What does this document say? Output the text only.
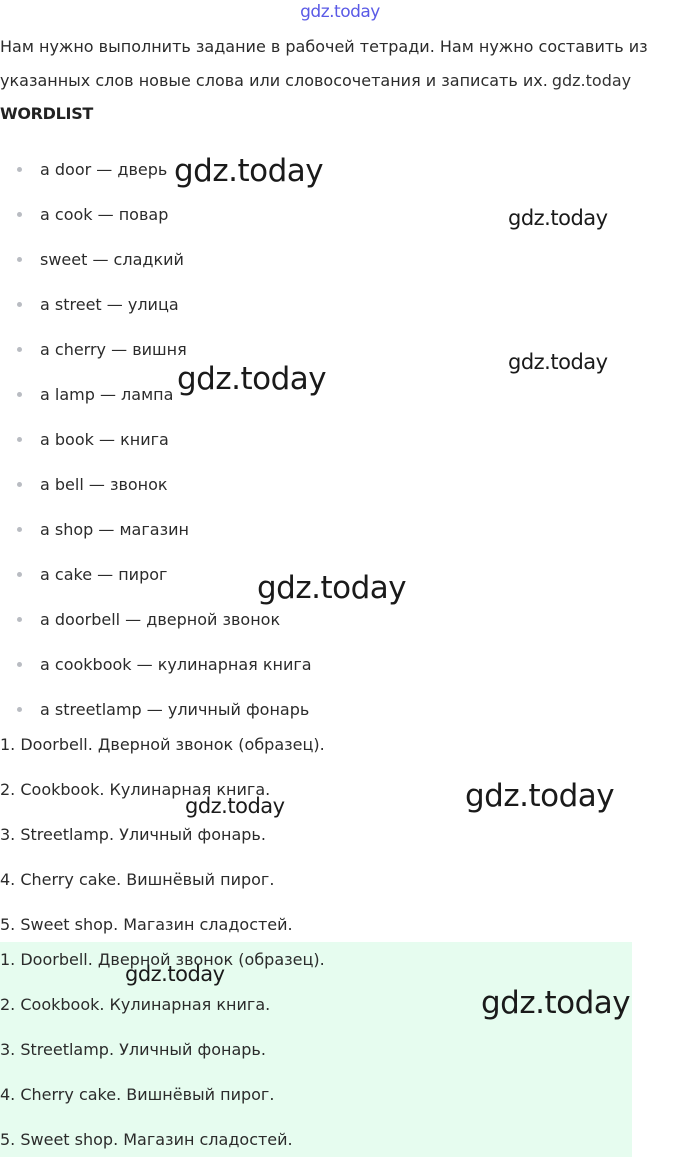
gdz.today
Нам нужно выполнить задание в рабочей тетради. Нам нужно составить из
указанных слов новые слова или словосочетания и записать их. gdz.today
WORDLIST
a door — дверь
a cook — повар
sweet — сладкий
a street — улица
a cherry — вишня
a lamp — лампа
a book — книга
a bell — звонок
a shop — магазин
a cake — пирог
a doorbell — дверной звонок
a cookbook — кулинарная книга
a streetlamp — уличный фонарь
1. Doorbell. Дверной звонок (образец).
2. Cookbook. Кулинарная книга.
3. Streetlamp. Уличный фонарь.
4. Cherry cake. Вишнёвый пирог.
5. Sweet shop. Магазин сладостей.
1. Doorbell. Дверной звонок (образец).
2. Cookbook. Кулинарная книга.
3. Streetlamp. Уличный фонарь.
4. Cherry cake. Вишнёвый пирог.
5. Sweet shop. Магазин сладостей.
gdz.today
gdz.today
gdz.today
gdz.today
gdz.today
gdz.today
gdz.today
gdz.today
gdz.today
